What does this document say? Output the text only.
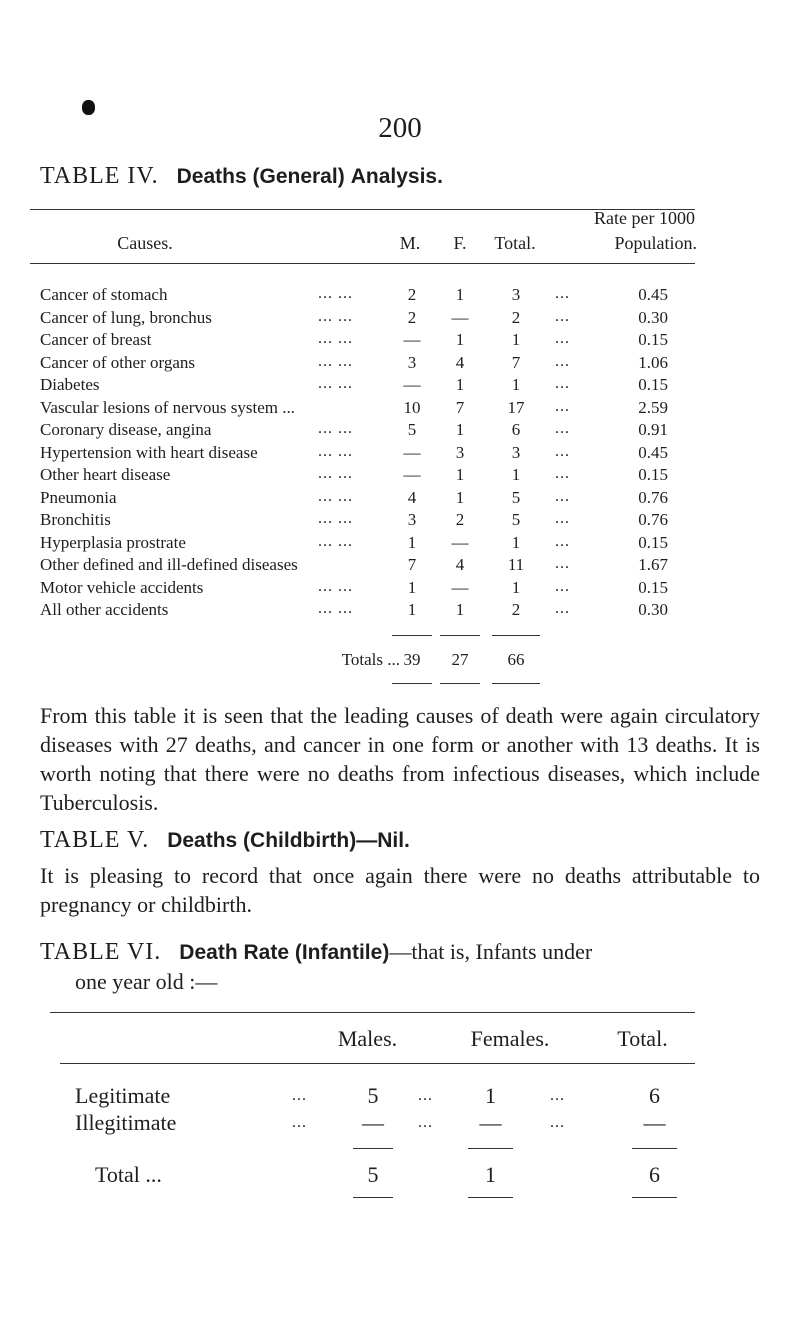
200
TABLE IV. Deaths (General) Analysis.
Causes.	M.	F.	Total.
Rate per 1000
Population.
Cancer of stomach	... ...	2	1	3	...	0.45
Cancer of lung, bronchus	... ...	2	—	2	...	0.30
Cancer of breast	... ...	—	1	1	...	0.15
Cancer of other organs	... ...	3	4	7	...	1.06
Diabetes	... ...	—	1	1	...	0.15
Vascular lesions of nervous system ...	10	7	17	...	2.59
Coronary disease, angina	... ...	5	1	6	...	0.91
Hypertension with heart disease	... ...	—	3	3	...	0.45
Other heart disease	... ...	—	1	1	...	0.15
Pneumonia	... ...	4	1	5	...	0.76
Bronchitis	... ...	3	2	5	...	0.76
Hyperplasia prostrate	... ...	1	—	1	...	0.15
Other defined and ill-defined diseases	7	4	11	...	1.67
Motor vehicle accidents	... ...	1	—	1	...	0.15
All other accidents	... ...	1	1	2	...	0.30
Totals ... 39	27	66
From this table it is seen that the leading causes of death were again circulatory diseases with 27 deaths, and cancer in one form or another with 13 deaths. It is worth noting that there were no deaths from infectious diseases, which include Tuberculosis.
TABLE V. Deaths (Childbirth)—Nil.
It is pleasing to record that once again there were no deaths attributable to pregnancy or childbirth.
TABLE VI. Death Rate (Infantile)—that is, Infants under
one year old :—
Males.	Females.	Total.
Legitimate	...	5	...	1	...	6
Illegitimate	...	—	...	—	...	—
Total ...	5	1	6
